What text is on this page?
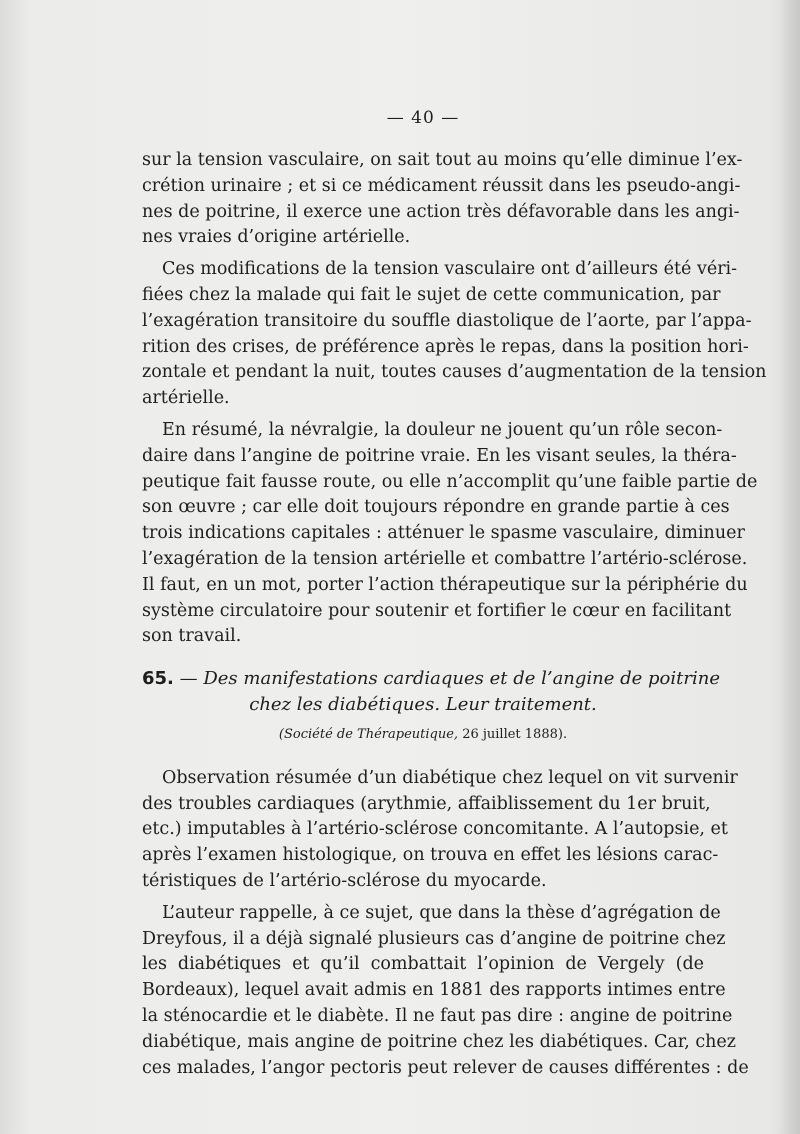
— 40 —
sur la tension vasculaire, on sait tout au moins qu’elle diminue l’ex-
crétion urinaire ; et si ce médicament réussit dans les pseudo-angi-
nes de poitrine, il exerce une action très défavorable dans les angi-
nes vraies d’origine artérielle.
Ces modifications de la tension vasculaire ont d’ailleurs été véri-
fiées chez la malade qui fait le sujet de cette communication, par
l’exagération transitoire du souffle diastolique de l’aorte, par l’appa-
rition des crises, de préférence après le repas, dans la position hori-
zontale et pendant la nuit, toutes causes d’augmentation de la tension
artérielle.
En résumé, la névralgie, la douleur ne jouent qu’un rôle secon-
daire dans l’angine de poitrine vraie. En les visant seules, la théra-
peutique fait fausse route, ou elle n’accomplit qu’une faible partie de
son œuvre ; car elle doit toujours répondre en grande partie à ces
trois indications capitales : atténuer le spasme vasculaire, diminuer
l’exagération de la tension artérielle et combattre l’artério-sclérose.
Il faut, en un mot, porter l’action thérapeutique sur la périphérie du
système circulatoire pour soutenir et fortifier le cœur en facilitant
son travail.
65. — Des manifestations cardiaques et de l’angine de poitrine
chez les diabétiques. Leur traitement.
(Société de Thérapeutique, 26 juillet 1888).
Observation résumée d’un diabétique chez lequel on vit survenir
des troubles cardiaques (arythmie, affaiblissement du 1er bruit,
etc.) imputables à l’artério-sclérose concomitante. A l’autopsie, et
après l’examen histologique, on trouva en effet les lésions carac-
téristiques de l’artério-sclérose du myocarde.
L’auteur rappelle, à ce sujet, que dans la thèse d’agrégation de
Dreyfous, il a déjà signalé plusieurs cas d’angine de poitrine chez
les diabétiques et qu’il combattait l’opinion de Vergely (de
Bordeaux), lequel avait admis en 1881 des rapports intimes entre
la sténocardie et le diabète. Il ne faut pas dire : angine de poitrine
diabétique, mais angine de poitrine chez les diabétiques. Car, chez
ces malades, l’angor pectoris peut relever de causes différentes : de
